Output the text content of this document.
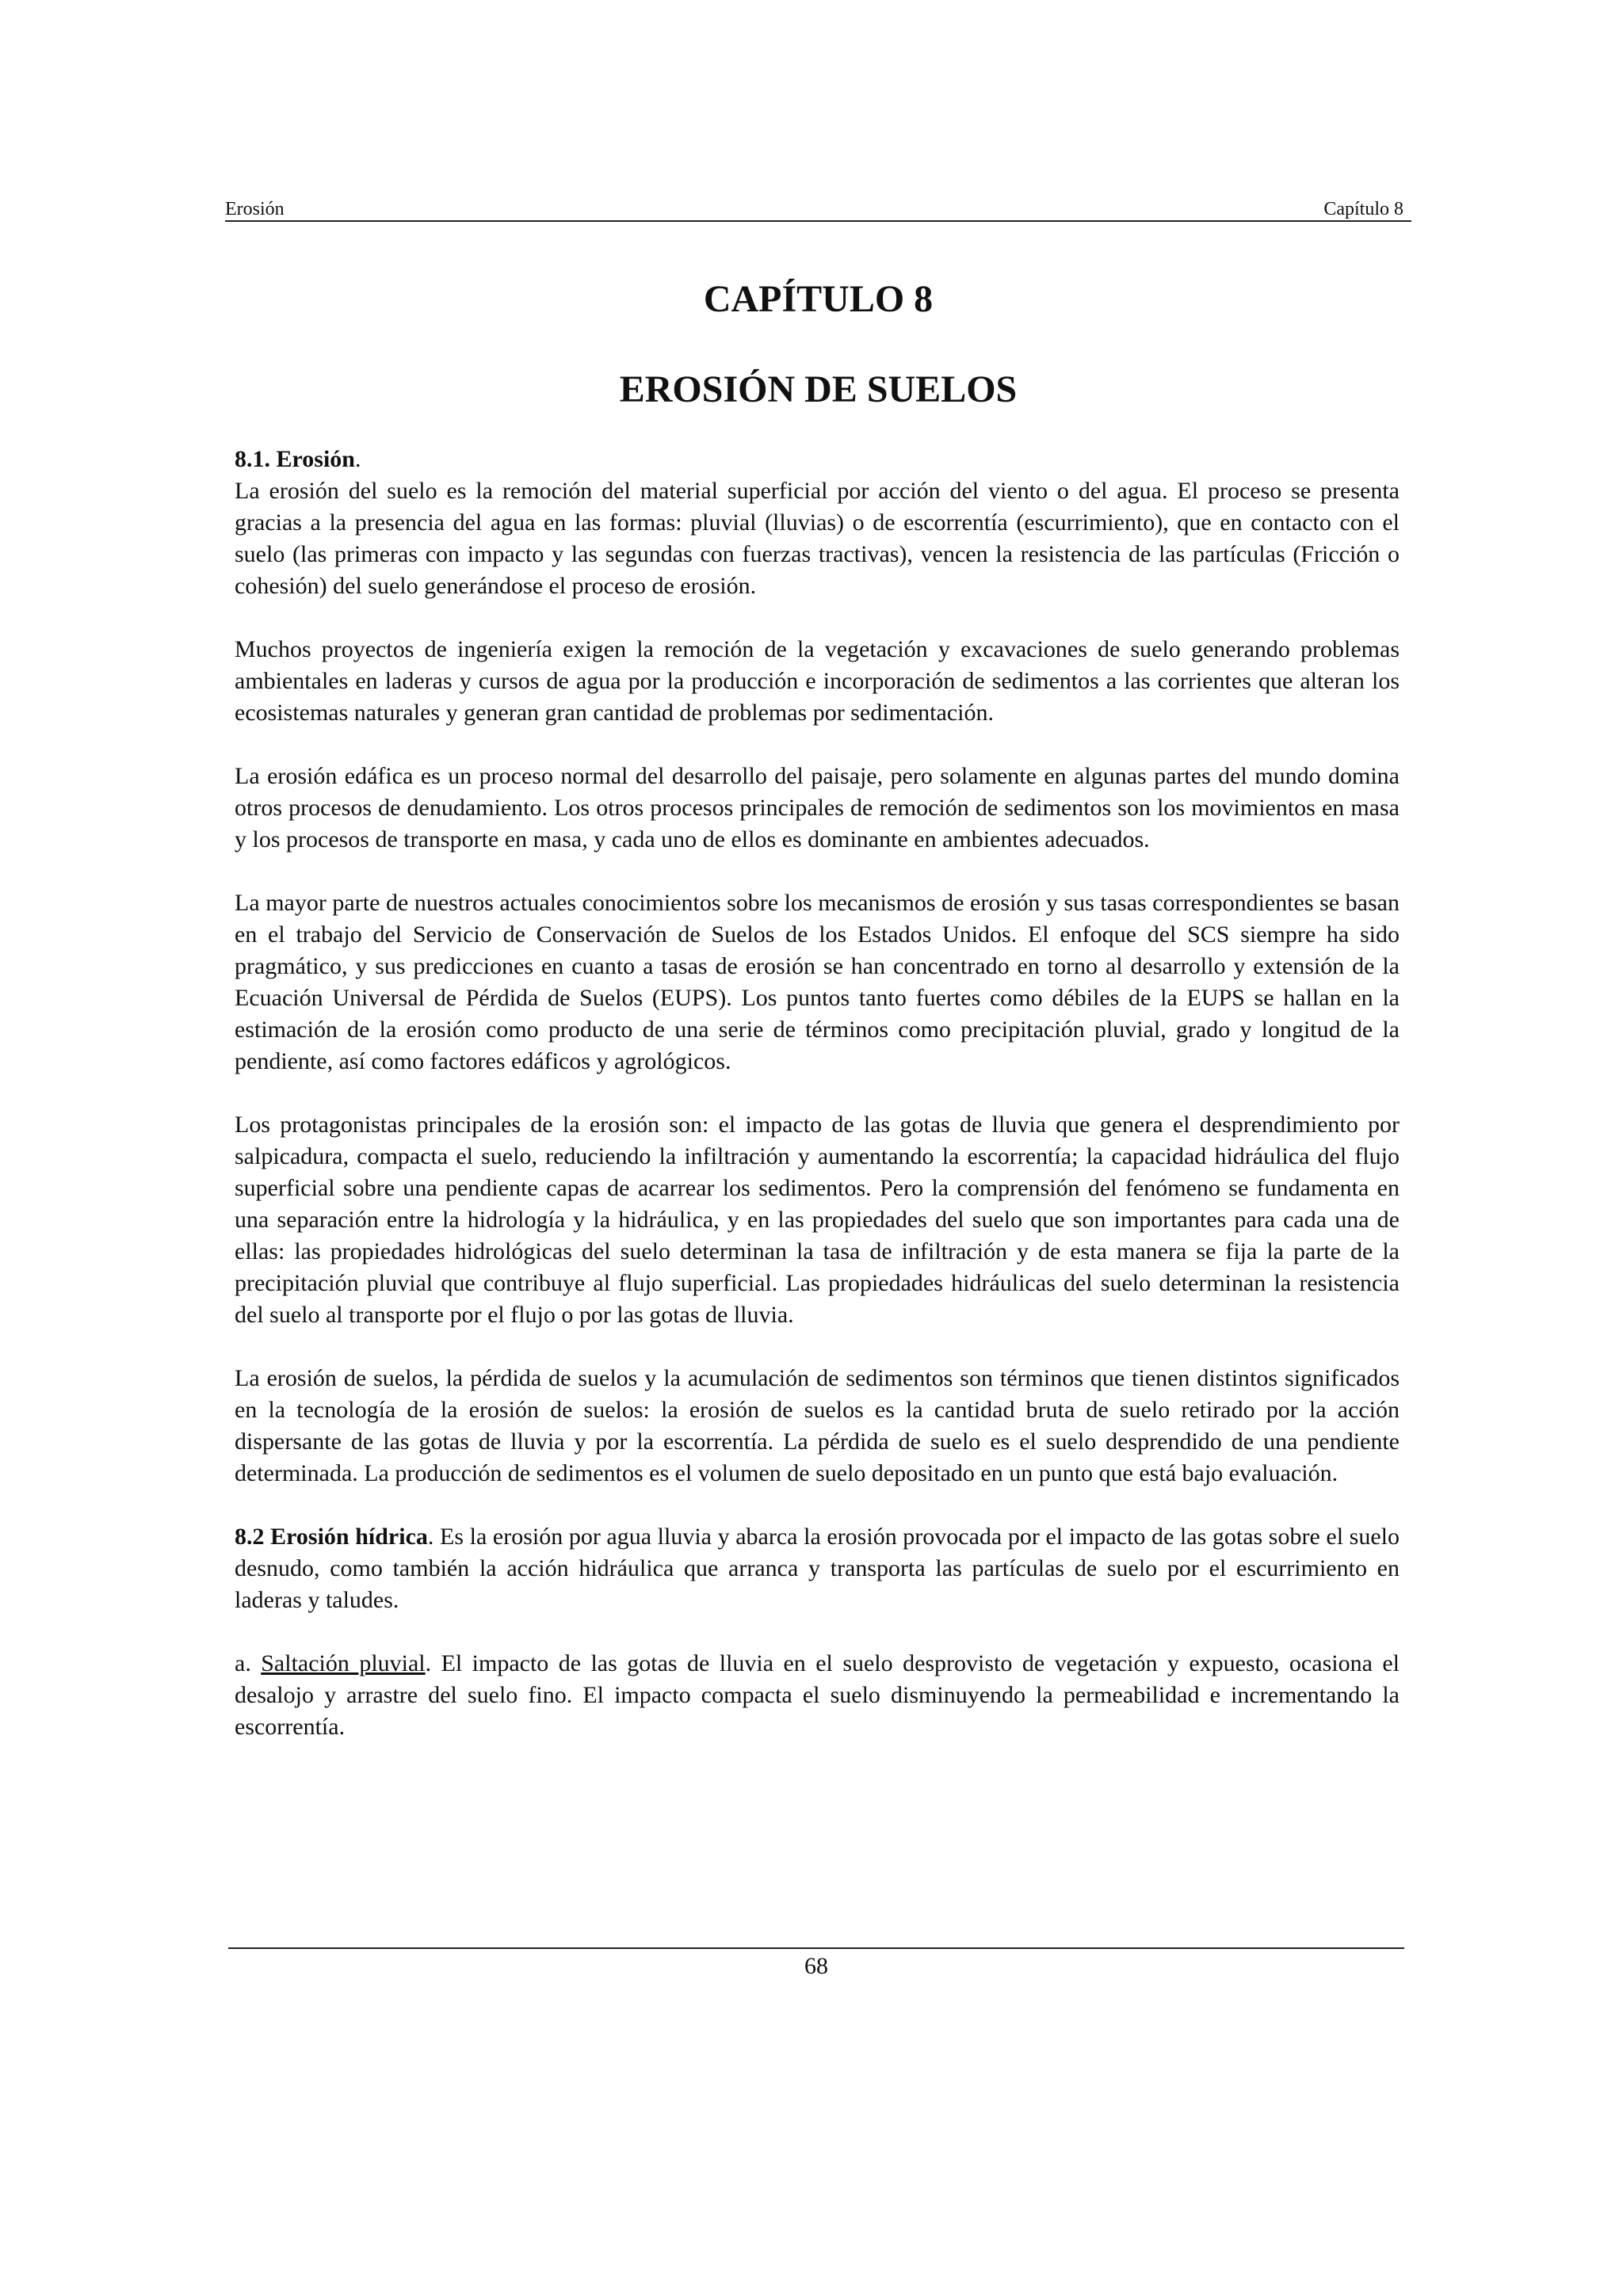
Erosión	Capítulo 8
CAPÍTULO 8
EROSIÓN DE SUELOS

8.1. Erosión.

La erosión del suelo es la remoción del material superficial por acción del viento o del agua. El proceso se presenta gracias a la presencia del agua en las formas: pluvial (lluvias) o de escorrentía (escurrimiento), que en contacto con el suelo (las primeras con impacto y las segundas con fuerzas tractivas), vencen la resistencia de las partículas (Fricción o cohesión) del suelo generándose el proceso de erosión.

Muchos proyectos de ingeniería exigen la remoción de la vegetación y excavaciones de suelo generando problemas ambientales en laderas y cursos de agua por la producción e incorporación de sedimentos a las corrientes que alteran los ecosistemas naturales y generan gran cantidad de problemas por sedimentación.

La erosión edáfica es un proceso normal del desarrollo del paisaje, pero solamente en algunas partes del mundo domina otros procesos de denudamiento. Los otros procesos principales de remoción de sedimentos son los movimientos en masa y los procesos de transporte en masa, y cada uno de ellos es dominante en ambientes adecuados.

La mayor parte de nuestros actuales conocimientos sobre los mecanismos de erosión y sus tasas correspondientes se basan en el trabajo del Servicio de Conservación de Suelos de los Estados Unidos. El enfoque del SCS siempre ha sido pragmático, y sus predicciones en cuanto a tasas de erosión se han concentrado en torno al desarrollo y extensión de la Ecuación Universal de Pérdida de Suelos (EUPS). Los puntos tanto fuertes como débiles de la EUPS se hallan en la estimación de la erosión como producto de una serie de términos como precipitación pluvial, grado y longitud de la pendiente, así como factores edáficos y agrológicos.

Los protagonistas principales de la erosión son: el impacto de las gotas de lluvia que genera el desprendimiento por salpicadura, compacta el suelo, reduciendo la infiltración y aumentando la escorrentía; la capacidad hidráulica del flujo superficial sobre una pendiente capas de acarrear los sedimentos. Pero la comprensión del fenómeno se fundamenta en una separación entre la hidrología y la hidráulica, y en las propiedades del suelo que son importantes para cada una de ellas: las propiedades hidrológicas del suelo determinan la tasa de infiltración y de esta manera se fija la parte de la precipitación pluvial que contribuye al flujo superficial. Las propiedades hidráulicas del suelo determinan la resistencia del suelo al transporte por el flujo o por las gotas de lluvia.

La erosión de suelos, la pérdida de suelos y la acumulación de sedimentos son términos que tienen distintos significados en la tecnología de la erosión de suelos: la erosión de suelos es la cantidad bruta de suelo retirado por la acción dispersante de las gotas de lluvia y por la escorrentía. La pérdida de suelo es el suelo desprendido de una pendiente determinada. La producción de sedimentos es el volumen de suelo depositado en un punto que está bajo evaluación.

8.2 Erosión hídrica. Es la erosión por agua lluvia y abarca la erosión provocada por el impacto de las gotas sobre el suelo desnudo, como también la acción hidráulica que arranca y transporta las partículas de suelo por el escurrimiento en laderas y taludes.

a. Saltación pluvial. El impacto de las gotas de lluvia en el suelo desprovisto de vegetación y expuesto, ocasiona el desalojo y arrastre del suelo fino. El impacto compacta el suelo disminuyendo la permeabilidad e incrementando la escorrentía.

68
